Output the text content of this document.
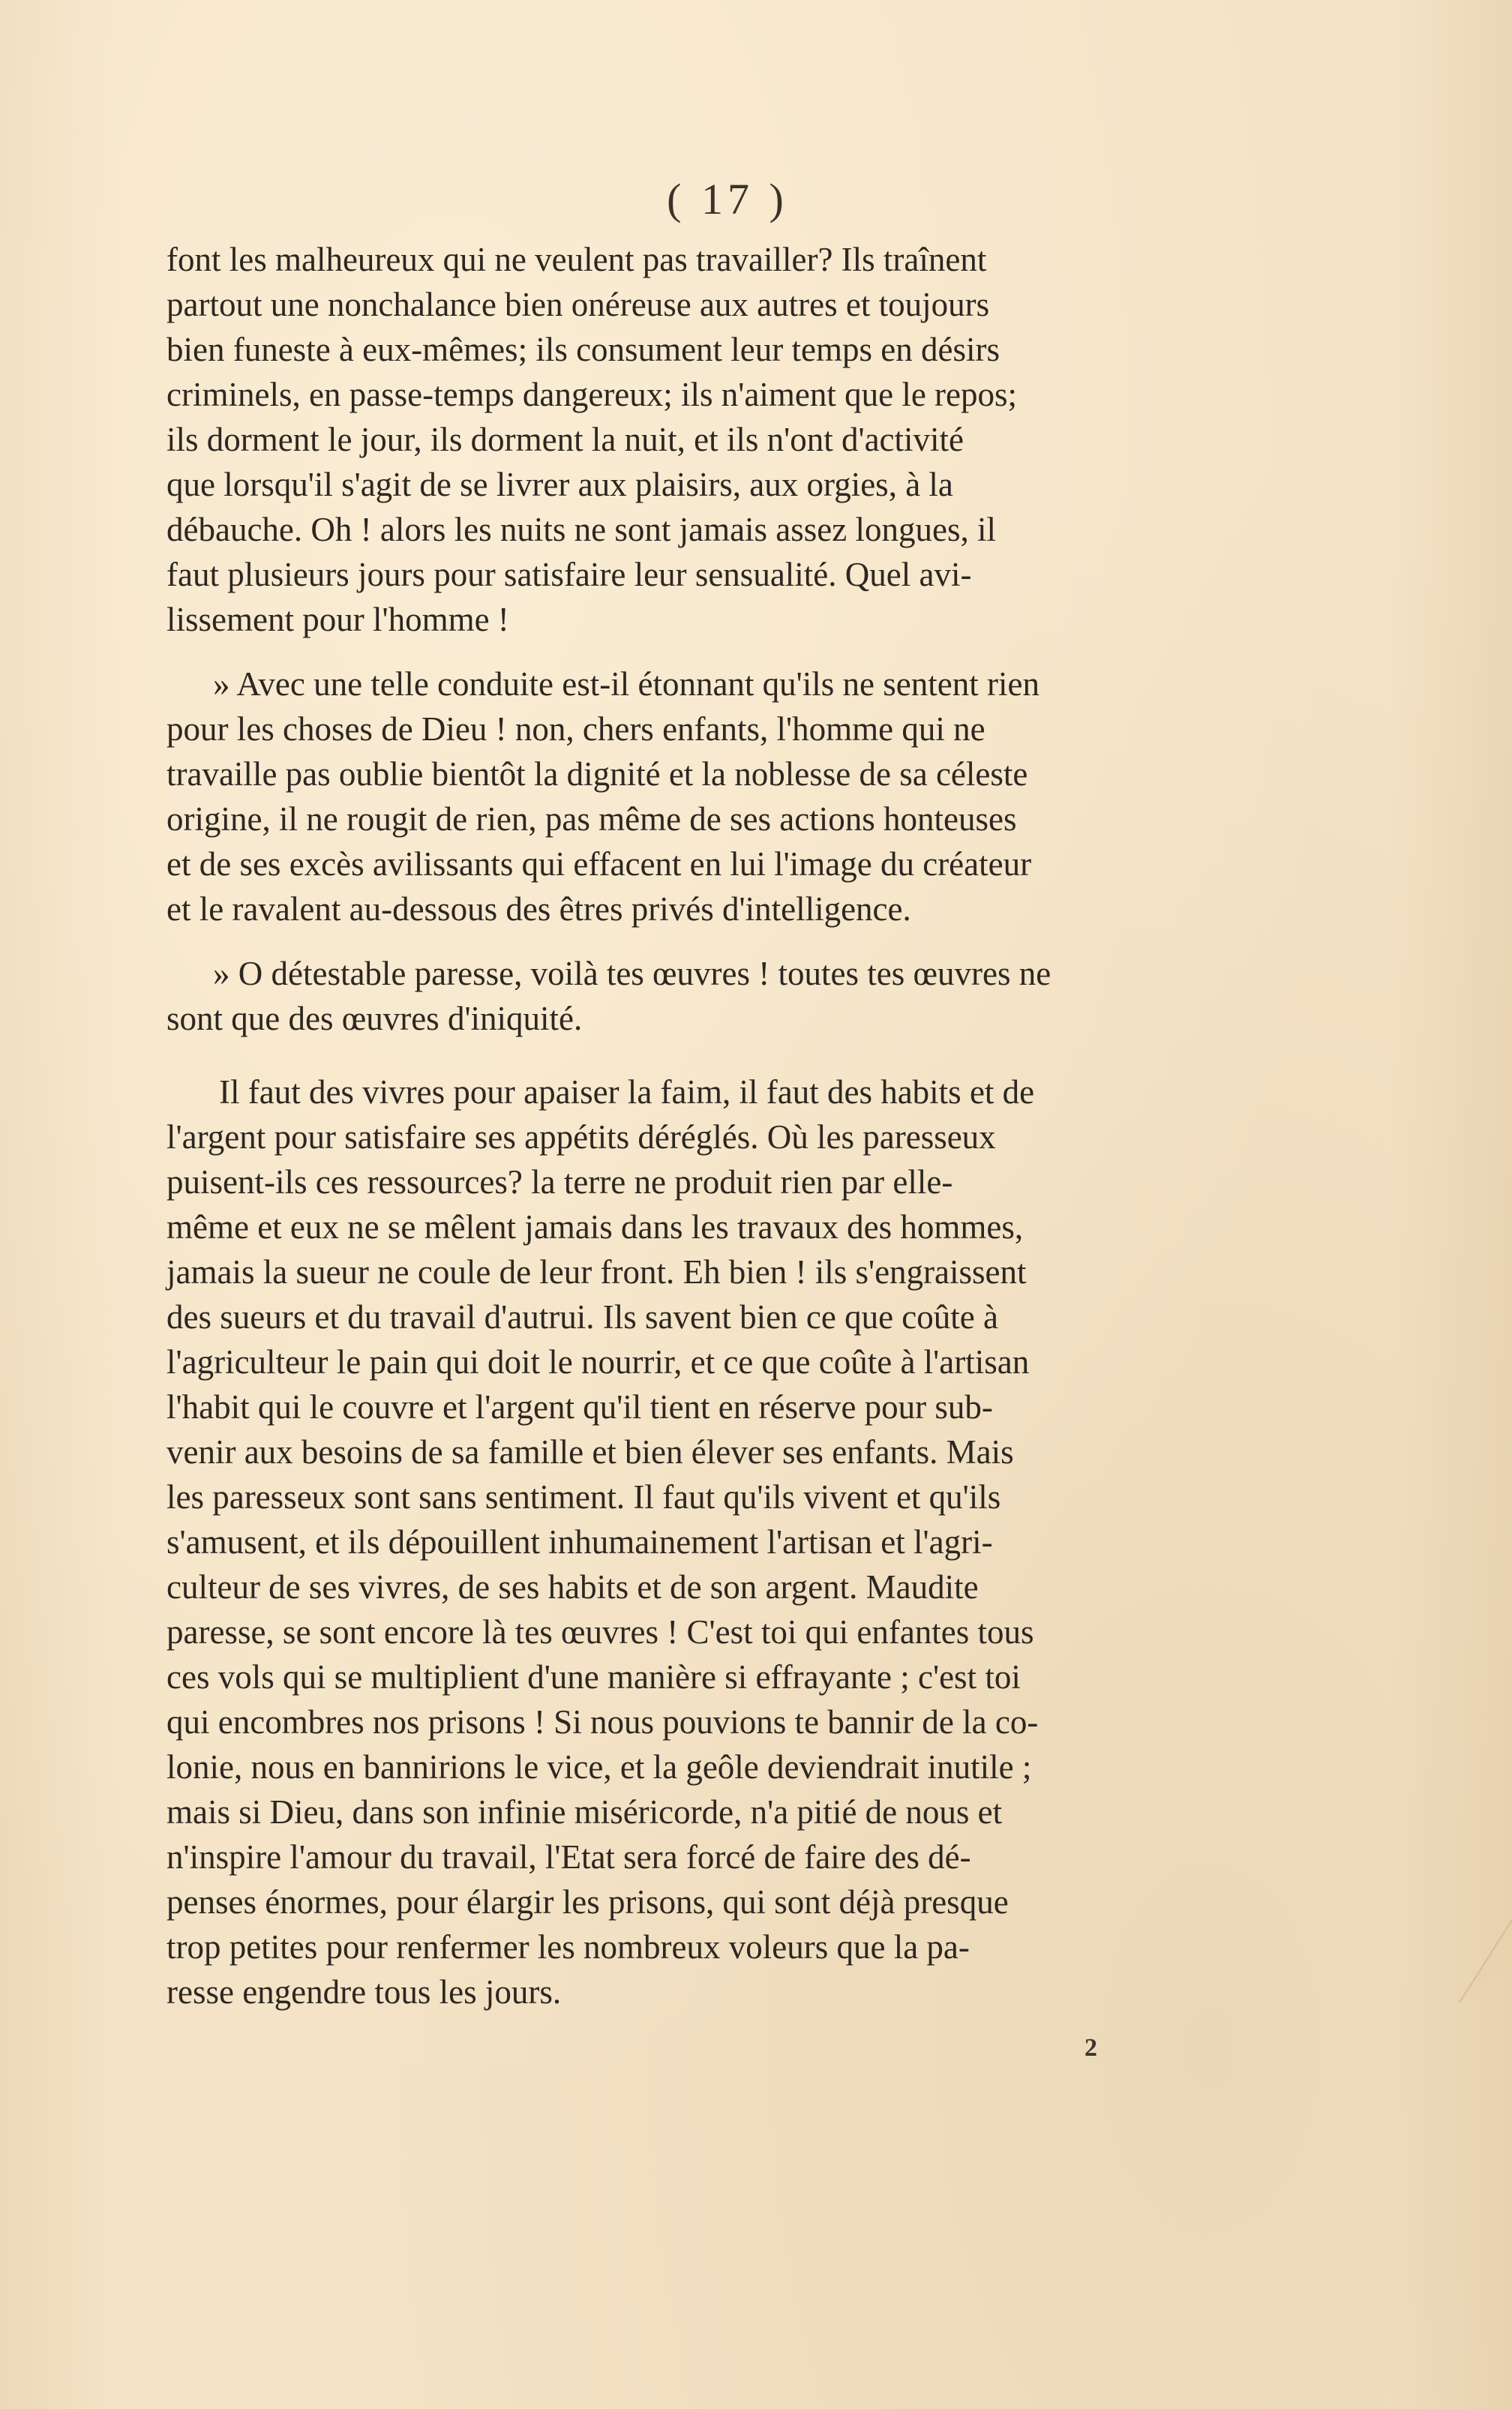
( 17 )

font les malheureux qui ne veulent pas travailler? Ils traînent
partout une nonchalance bien onéreuse aux autres et toujours
bien funeste à eux-mêmes; ils consument leur temps en désirs
criminels, en passe-temps dangereux; ils n'aiment que le repos;
ils dorment le jour, ils dorment la nuit, et ils n'ont d'activité
que lorsqu'il s'agit de se livrer aux plaisirs, aux orgies, à la
débauche. Oh ! alors les nuits ne sont jamais assez longues, il
faut plusieurs jours pour satisfaire leur sensualité. Quel avi-
lissement pour l'homme !

» Avec une telle conduite est-il étonnant qu'ils ne sentent rien
pour les choses de Dieu ! non, chers enfants, l'homme qui ne
travaille pas oublie bientôt la dignité et la noblesse de sa céleste
origine, il ne rougit de rien, pas même de ses actions honteuses
et de ses excès avilissants qui effacent en lui l'image du créateur
et le ravalent au-dessous des êtres privés d'intelligence.

» O détestable paresse, voilà tes œuvres ! toutes tes œuvres ne
sont que des œuvres d'iniquité.

Il faut des vivres pour apaiser la faim, il faut des habits et de
l'argent pour satisfaire ses appétits déréglés. Où les paresseux
puisent-ils ces ressources? la terre ne produit rien par elle-
même et eux ne se mêlent jamais dans les travaux des hommes,
jamais la sueur ne coule de leur front. Eh bien ! ils s'engraissent
des sueurs et du travail d'autrui. Ils savent bien ce que coûte à
l'agriculteur le pain qui doit le nourrir, et ce que coûte à l'artisan
l'habit qui le couvre et l'argent qu'il tient en réserve pour sub-
venir aux besoins de sa famille et bien élever ses enfants. Mais
les paresseux sont sans sentiment. Il faut qu'ils vivent et qu'ils
s'amusent, et ils dépouillent inhumainement l'artisan et l'agri-
culteur de ses vivres, de ses habits et de son argent. Maudite
paresse, se sont encore là tes œuvres ! C'est toi qui enfantes tous
ces vols qui se multiplient d'une manière si effrayante ; c'est toi
qui encombres nos prisons ! Si nous pouvions te bannir de la co-
lonie, nous en bannirions le vice, et la geôle deviendrait inutile ;
mais si Dieu, dans son infinie miséricorde, n'a pitié de nous et
n'inspire l'amour du travail, l'Etat sera forcé de faire des dé-
penses énormes, pour élargir les prisons, qui sont déjà presque
trop petites pour renfermer les nombreux voleurs que la pa-
resse engendre tous les jours.

2
